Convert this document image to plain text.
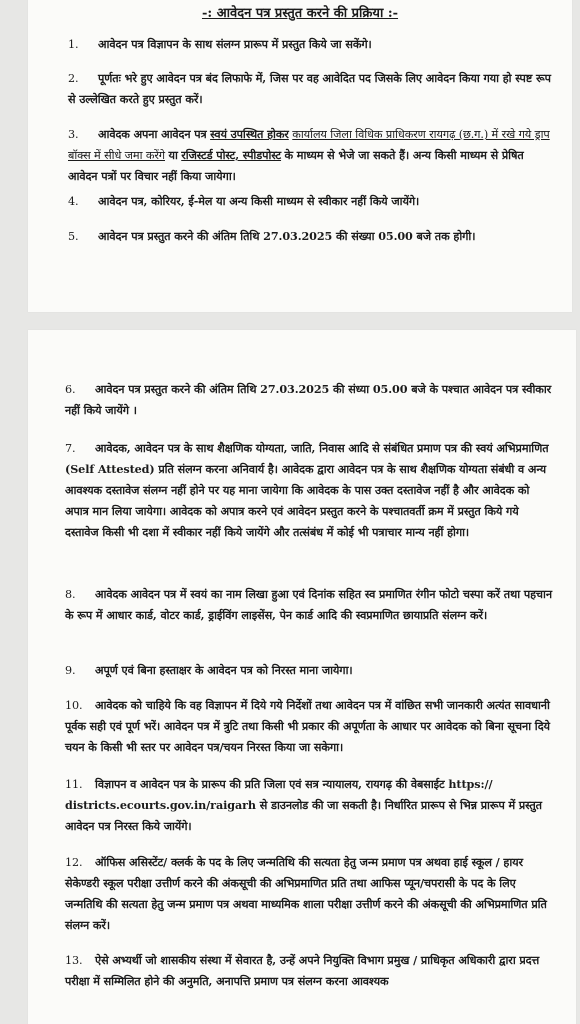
-: आवेदन पत्र प्रस्तुत करने की प्रक्रिया :-
1. आवेदन पत्र विज्ञापन के साथ संलग्न प्रारूप में प्रस्तुत किये जा सकेंगे।
2. पूर्णतः भरे हुए आवेदन पत्र बंद लिफाफे में, जिस पर वह आवेदित पद जिसके लिए आवेदन किया गया हो स्पष्ट रूप से उल्लेखित करते हुए प्रस्तुत करें।
3. आवेदक अपना आवेदन पत्र स्वयं उपस्थित होकर कार्यालय जिला विधिक प्राधिकरण रायगढ़ (छ.ग.) में रखे गये ड्राप बॉक्स में सीधे जमा करेंगे या रजिस्टर्ड पोस्ट, स्पीडपोस्ट के माध्यम से भेजे जा सकते हैं। अन्य किसी माध्यम से प्रेषित आवेदन पत्रों पर विचार नहीं किया जायेगा।
4. आवेदन पत्र, कोरियर, ई-मेल या अन्य किसी माध्यम से स्वीकार नहीं किये जायेंगे।
5. आवेदन पत्र प्रस्तुत करने की अंतिम तिथि 27.03.2025 की संख्या 05.00 बजे तक होगी।
6. आवेदन पत्र प्रस्तुत करने की अंतिम तिथि 27.03.2025 की संध्या 05.00 बजे के पश्चात आवेदन पत्र स्वीकार नहीं किये जायेंगे ।
7. आवेदक, आवेदन पत्र के साथ शैक्षणिक योग्यता, जाति, निवास आदि से संबंधित प्रमाण पत्र की स्वयं अभिप्रमाणित (Self Attested) प्रति संलग्न करना अनिवार्य है। आवेदक द्वारा आवेदन पत्र के साथ शैक्षणिक योग्यता संबंधी व अन्य आवश्यक दस्तावेज संलग्न नहीं होने पर यह माना जायेगा कि आवेदक के पास उक्त दस्तावेज नहीं है और आवेदक को अपात्र मान लिया जायेगा। आवेदक को अपात्र करने एवं आवेदन प्रस्तुत करने के पश्चातवर्ती क्रम में प्रस्तुत किये गये दस्तावेज किसी भी दशा में स्वीकार नहीं किये जायेंगे और तत्संबंध में कोई भी पत्राचार मान्य नहीं होगा।
8. आवेदक आवेदन पत्र में स्वयं का नाम लिखा हुआ एवं दिनांक सहित स्व प्रमाणित रंगीन फोटो चस्पा करें तथा पहचान के रूप में आधार कार्ड, वोटर कार्ड, ड्राईविंग लाइसेंस, पेन कार्ड आदि की स्वप्रमाणित छायाप्रति संलग्न करें।
9. अपूर्ण एवं बिना हस्ताक्षर के आवेदन पत्र को निरस्त माना जायेगा।
10. आवेदक को चाहिये कि वह विज्ञापन में दिये गये निर्देशों तथा आवेदन पत्र में वांछित सभी जानकारी अत्यंत सावधानी पूर्वक सही एवं पूर्ण भरें। आवेदन पत्र में त्रुटि तथा किसी भी प्रकार की अपूर्णता के आधार पर आवेदक को बिना सूचना दिये चयन के किसी भी स्तर पर आवेदन पत्र/चयन निरस्त किया जा सकेगा।
11. विज्ञापन व आवेदन पत्र के प्रारूप की प्रति जिला एवं सत्र न्यायालय, रायगढ़ की वेबसाईट https:// districts.ecourts.gov.in/raigarh से डाउनलोड की जा सकती है। निर्धारित प्रारूप से भिन्न प्रारूप में प्रस्तुत आवेदन पत्र निरस्त किये जायेंगे।
12. ऑफिस असिस्टेंट/ क्लर्क के पद के लिए जन्मतिथि की सत्यता हेतु जन्म प्रमाण पत्र अथवा हाई स्कूल / हायर सेकेण्डरी स्कूल परीक्षा उत्तीर्ण करने की अंकसूची की अभिप्रमाणित प्रति तथा आफिस प्यून/चपरासी के पद के लिए जन्मतिथि की सत्यता हेतु जन्म प्रमाण पत्र अथवा माध्यमिक शाला परीक्षा उत्तीर्ण करने की अंकसूची की अभिप्रमाणित प्रति संलग्न करें।
13. ऐसे अभ्यर्थी जो शासकीय संस्था में सेवारत है, उन्हें अपने नियुक्ति विभाग प्रमुख / प्राधिकृत अधिकारी द्वारा प्रदत्त परीक्षा में सम्मिलित होने की अनुमति, अनापत्ति प्रमाण पत्र संलग्न करना आवश्यक
